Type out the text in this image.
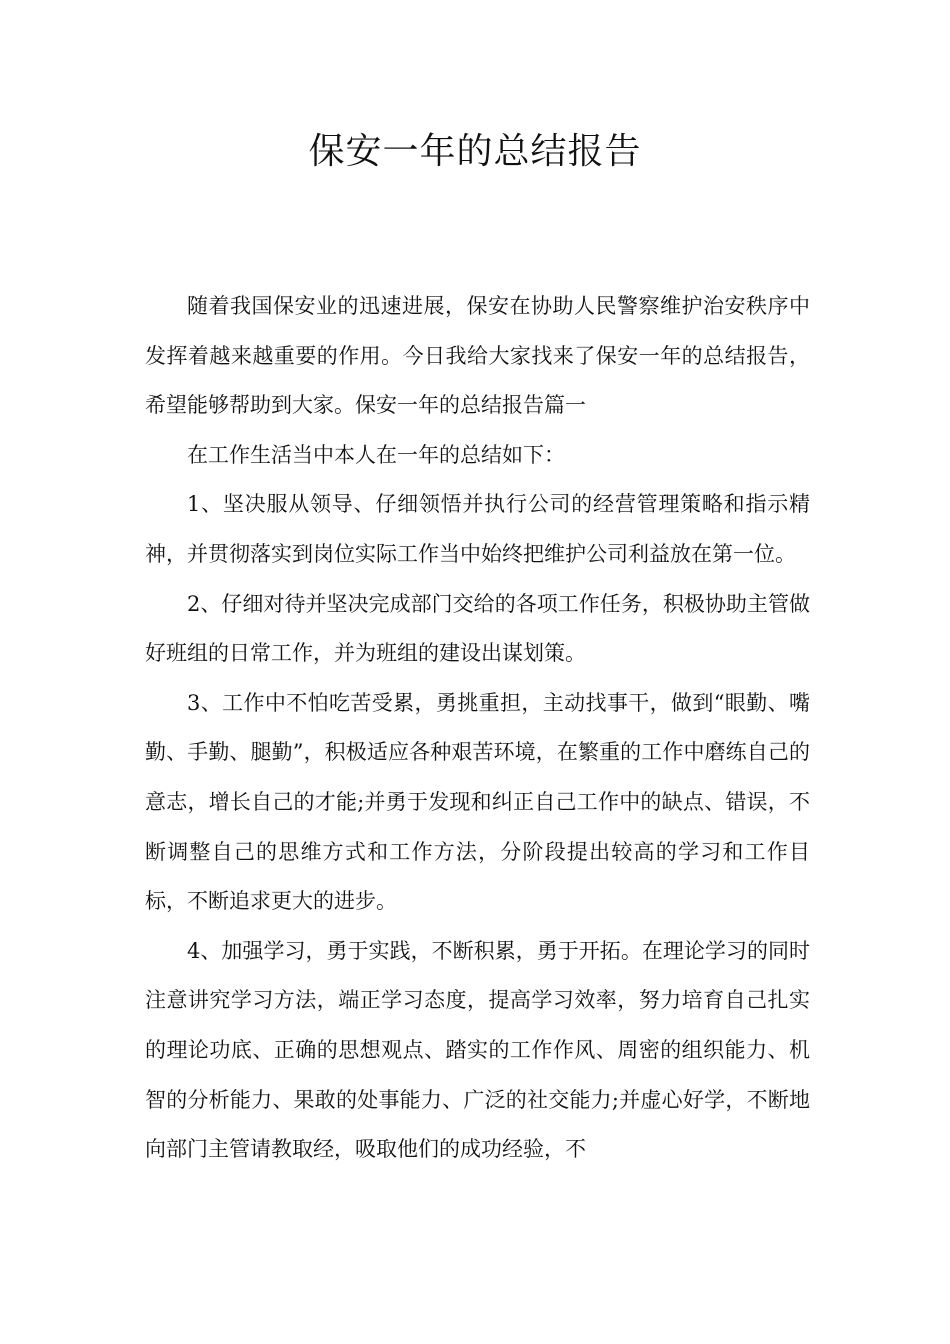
保安一年的总结报告

随着我国保安业的迅速进展，保安在协助人民警察维护治安秩序中发挥着越来越重要的作用。今日我给大家找来了保安一年的总结报告，希望能够帮助到大家。保安一年的总结报告篇一

在工作生活当中本人在一年的总结如下：

1、坚决服从领导、仔细领悟并执行公司的经营管理策略和指示精神，并贯彻落实到岗位实际工作当中始终把维护公司利益放在第一位。

2、仔细对待并坚决完成部门交给的各项工作任务，积极协助主管做好班组的日常工作，并为班组的建设出谋划策。

3、工作中不怕吃苦受累，勇挑重担，主动找事干，做到“眼勤、嘴勤、手勤、腿勤”，积极适应各种艰苦环境，在繁重的工作中磨练自己的意志，增长自己的才能;并勇于发现和纠正自己工作中的缺点、错误，不断调整自己的思维方式和工作方法，分阶段提出较高的学习和工作目标，不断追求更大的进步。

4、加强学习，勇于实践，不断积累，勇于开拓。在理论学习的同时注意讲究学习方法，端正学习态度，提高学习效率，努力培育自己扎实的理论功底、正确的思想观点、踏实的工作作风、周密的组织能力、机智的分析能力、果敢的处事能力、广泛的社交能力;并虚心好学，不断地向部门主管请教取经，吸取他们的成功经验，不
